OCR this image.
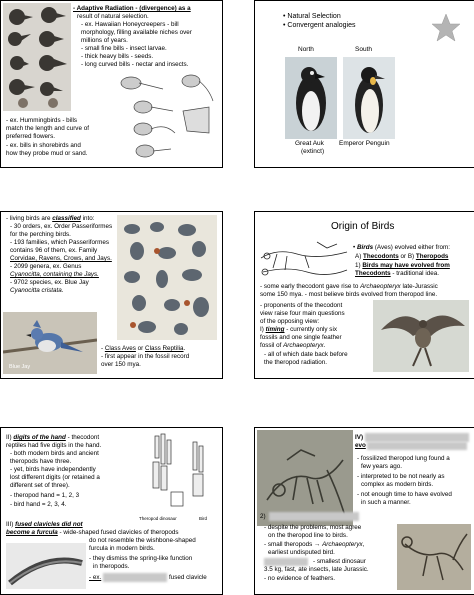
- Adaptive Radiation - (divergence) as a
result of natural selection.
- ex. Hawaiian Honeycreepers - bill
morphology, filling available niches over
millions of years.
- small fine bills - insect larvae.
- thick heavy bills - seeds.
- long curved bills - nectar and insects.
- ex. Hummingbirds - bills
match the length and curve of
preferred flowers.
- ex. bills in shorebirds and
how they probe mud or sand.
• Natural Selection
• Convergent analogies
North	South
Great Auk
(extinct)
Emperor Penguin
- living birds are classified into:
- 30 orders, ex. Order Passeriformes
for the perching birds.
- 193 families, which Passeriformes
contains 96 of them, ex. Family
Corvidae, Ravens, Crows, and Jays.
- 2099 genera, ex. Genus
Cyanocitta, containing the Jays.
- 9702 species, ex. Blue Jay
Cyanocitta cristata.
Blue Jay
- Class Aves or Class Reptilia.
- first appear in the fossil record
over 150 mya.
Origin of Birds
• Birds (Aves) evolved either from:
A) Thecodonts or B) Theropods
1) Birds may have evolved from
Thecodonts - traditional idea.
- some early thecodont gave rise to Archaeopteryx late-Jurassic
some 150 mya. - most believe birds evolved from theropod line.
- proponents of the thecodont
view raise four main questions
of the opposing view:
I) timing - currently only six
fossils and one single feather
fossil of Archaeopteryx.
- all of which date back before
the theropod radiation.
II) digits of the hand - thecodont
reptiles had five digits in the hand.
- both modern birds and ancient
theropods have three.
- yet, birds have independently
lost different digits (or retained a
different set of three).
- theropod hand = 1, 2, 3
- bird hand = 2, 3, 4.
Theropod dinosaur	Bird
III) fused clavicles did not
become a furcula - wide-shaped fused clavicles of theropods
do not resemble the wishbone-shaped
furcula in modern birds.
- they dismiss the spring-like function
in theropods.
- ex.	fused clavicle
IV)
evo
- fossilized theropod lung found a
few years ago.
- interpreted to be not nearly as
complex as modern birds.
- not enough time to have evolved
in such a manner.
2)
- despite the problems, most agree
on the theropod line to birds.
- small theropods → Archaeopteryx,
earliest undisputed bird.
- smallest dinosaur
3.5 kg, fast, ate insects, late Jurassic.
- no evidence of feathers.
